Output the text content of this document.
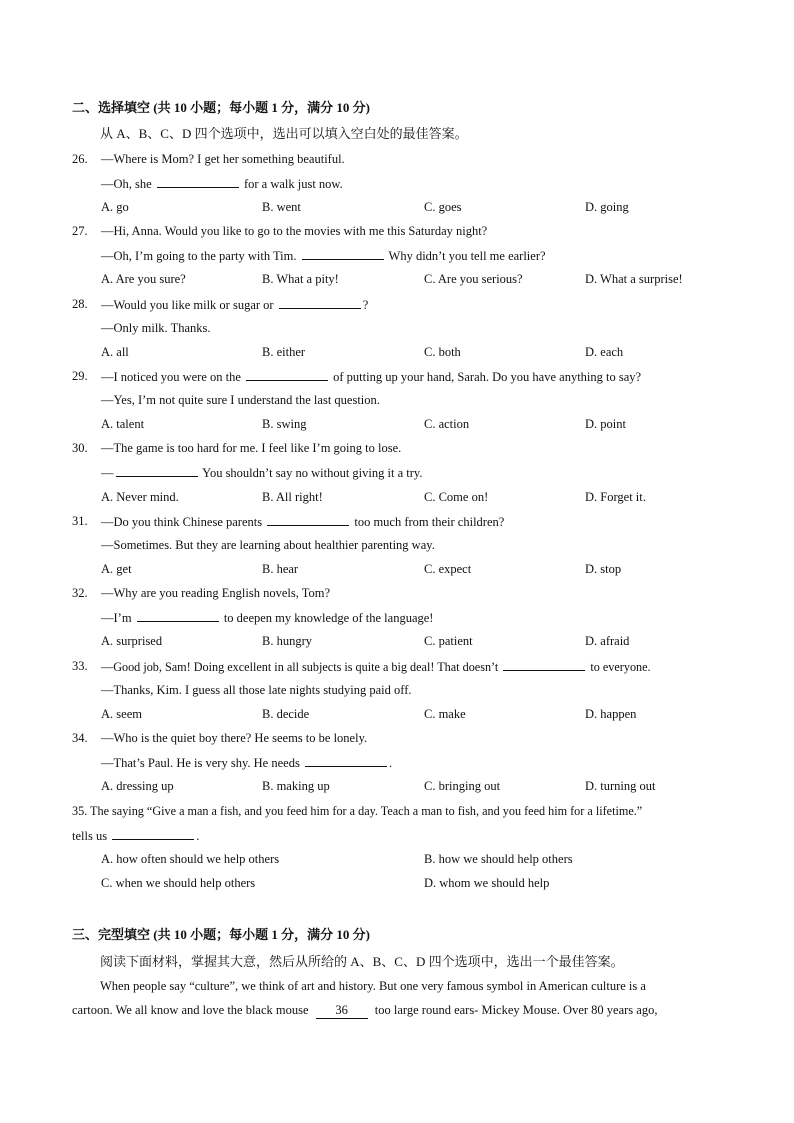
二、选择填空 (共 10 小题；每小题 1 分，满分 10 分)
从 A、B、C、D 四个选项中，选出可以填入空白处的最佳答案。
26. —Where is Mom? I get her something beautiful.
—Oh, she	for a walk just now.
A. go	B. went	C. goes	D. going
27. —Hi, Anna. Would you like to go to the movies with me this Saturday night?
—Oh, I’m going to the party with Tim.	Why didn’t you tell me earlier?
A. Are you sure?	B. What a pity!	C. Are you serious?	D. What a surprise!
28. —Would you like milk or sugar or	?
—Only milk. Thanks.
A. all	B. either	C. both	D. each
29. —I noticed you were on the	of putting up your hand, Sarah. Do you have anything to say?
—Yes, I’m not quite sure I understand the last question.
A. talent	B. swing	C. action	D. point
30. —The game is too hard for me. I feel like I’m going to lose.
—	You shouldn’t say no without giving it a try.
A. Never mind.	B. All right!	C. Come on!	D. Forget it.
31. —Do you think Chinese parents	too much from their children?
—Sometimes. But they are learning about healthier parenting way.
A. get	B. hear	C. expect	D. stop
32. —Why are you reading English novels, Tom?
—I’m	to deepen my knowledge of the language!
A. surprised	B. hungry	C. patient	D. afraid
33. —Good job, Sam! Doing excellent in all subjects is quite a big deal! That doesn’t	to everyone.
—Thanks, Kim. I guess all those late nights studying paid off.
A. seem	B. decide	C. make	D. happen
34. —Who is the quiet boy there? He seems to be lonely.
—That’s Paul. He is very shy. He needs	.
A. dressing up	B. making up	C. bringing out	D. turning out
35. The saying “Give a man a fish, and you feed him for a day. Teach a man to fish, and you feed him for a lifetime.”
tells us	.
A. how often should we help others	B. how we should help others
C. when we should help others	D. whom we should help
三、完型填空 (共 10 小题；每小题 1 分，满分 10 分)
阅读下面材料，掌握其大意，然后从所给的 A、B、C、D 四个选项中，选出一个最佳答案。
When people say “culture”, we think of art and history. But one very famous symbol in American culture is a
cartoon. We all know and love the black mouse 36 too large round ears- Mickey Mouse. Over 80 years ago,
